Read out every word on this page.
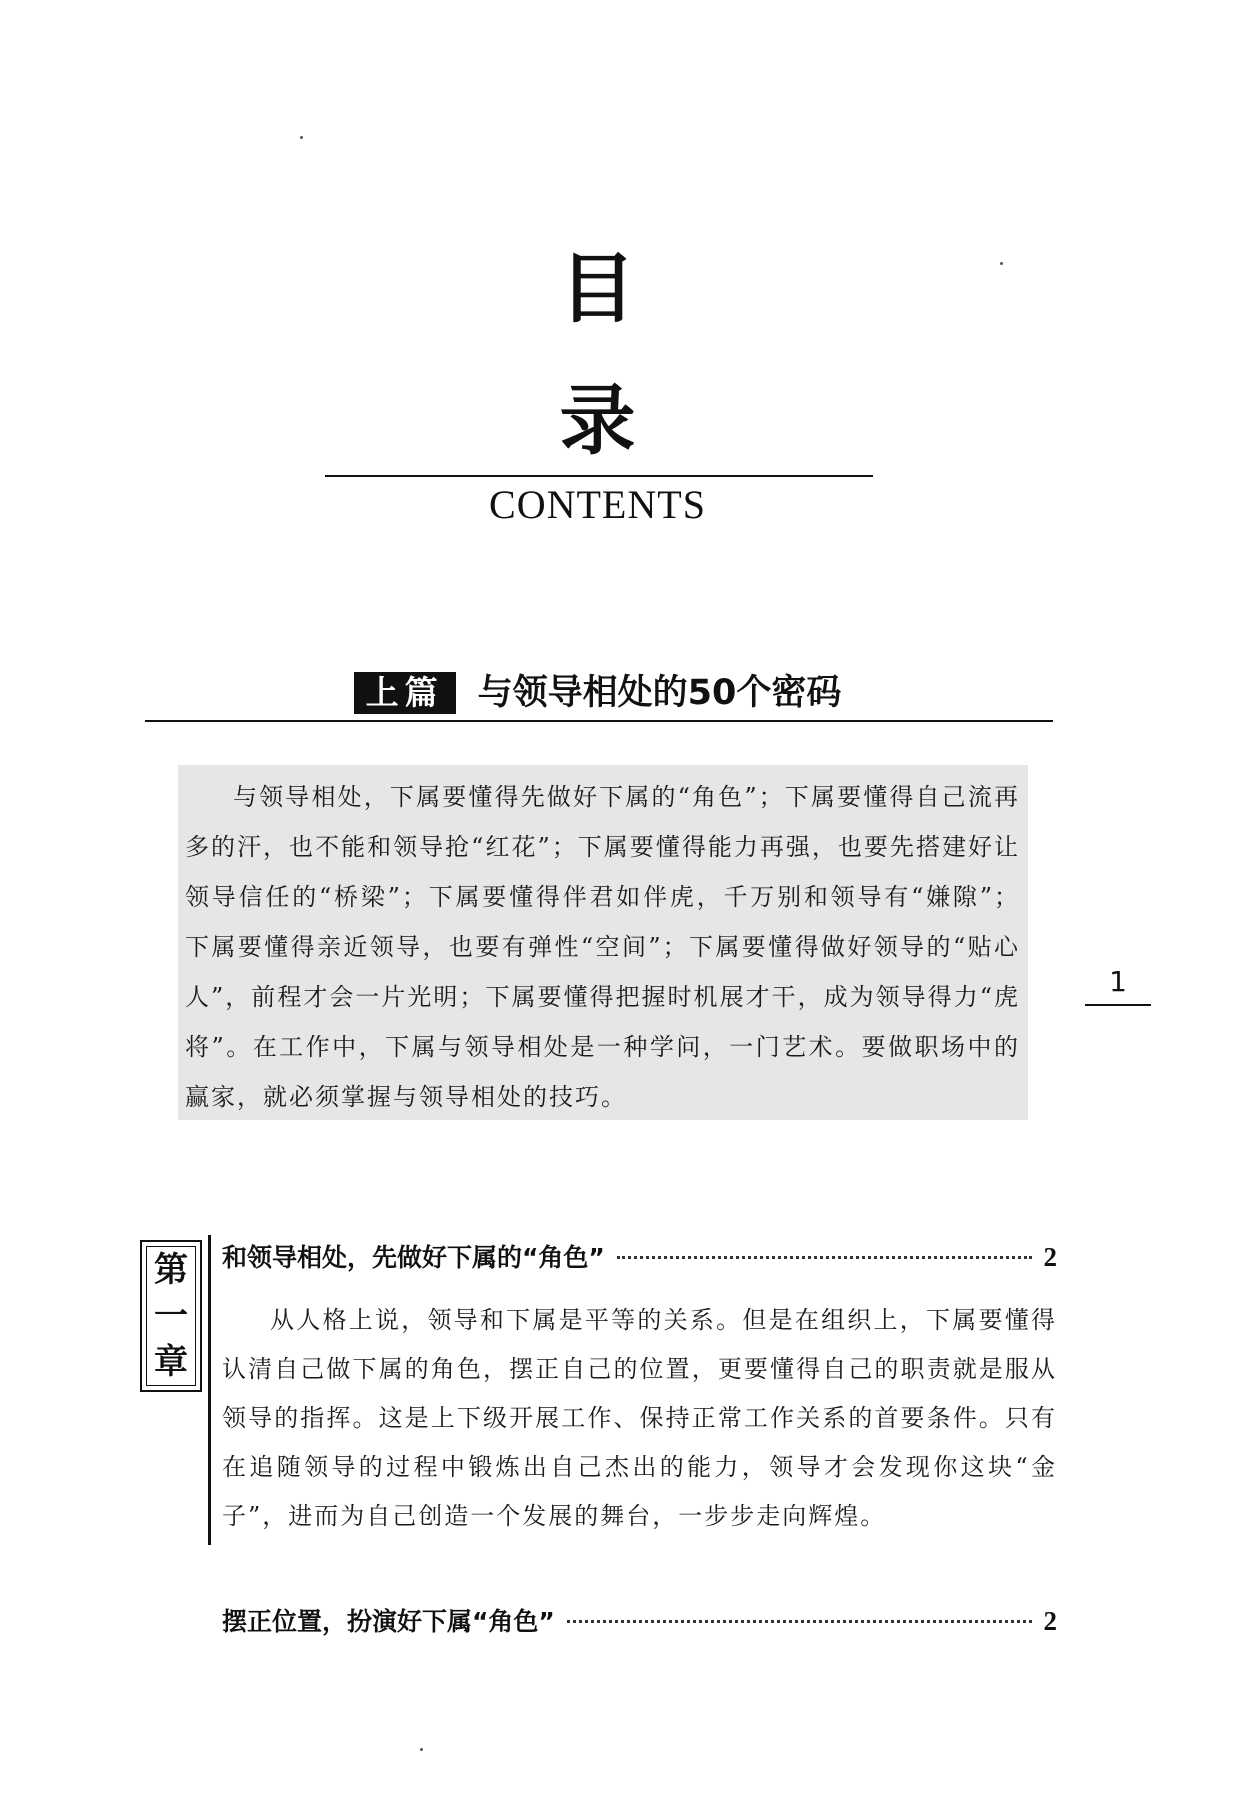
目
录
CONTENTS
上篇 与领导相处的50个密码

与领导相处，下属要懂得先做好下属的“角色”；下属要懂得自己流再多的汗，也不能和领导抢“红花”；下属要懂得能力再强，也要先搭建好让领导信任的“桥梁”；下属要懂得伴君如伴虎，千万别和领导有“嫌隙”；下属要懂得亲近领导，也要有弹性“空间”；下属要懂得做好领导的“贴心人”，前程才会一片光明；下属要懂得把握时机展才干，成为领导得力“虎将”。在工作中，下属与领导相处是一种学问，一门艺术。要做职场中的赢家，就必须掌握与领导相处的技巧。

1
第
一
章
和领导相处，先做好下属的“角色”	2

从人格上说，领导和下属是平等的关系。但是在组织上，下属要懂得认清自己做下属的角色，摆正自己的位置，更要懂得自己的职责就是服从领导的指挥。这是上下级开展工作、保持正常工作关系的首要条件。只有在追随领导的过程中锻炼出自己杰出的能力，领导才会发现你这块“金子”，进而为自己创造一个发展的舞台，一步步走向辉煌。

摆正位置，扮演好下属“角色”	2
